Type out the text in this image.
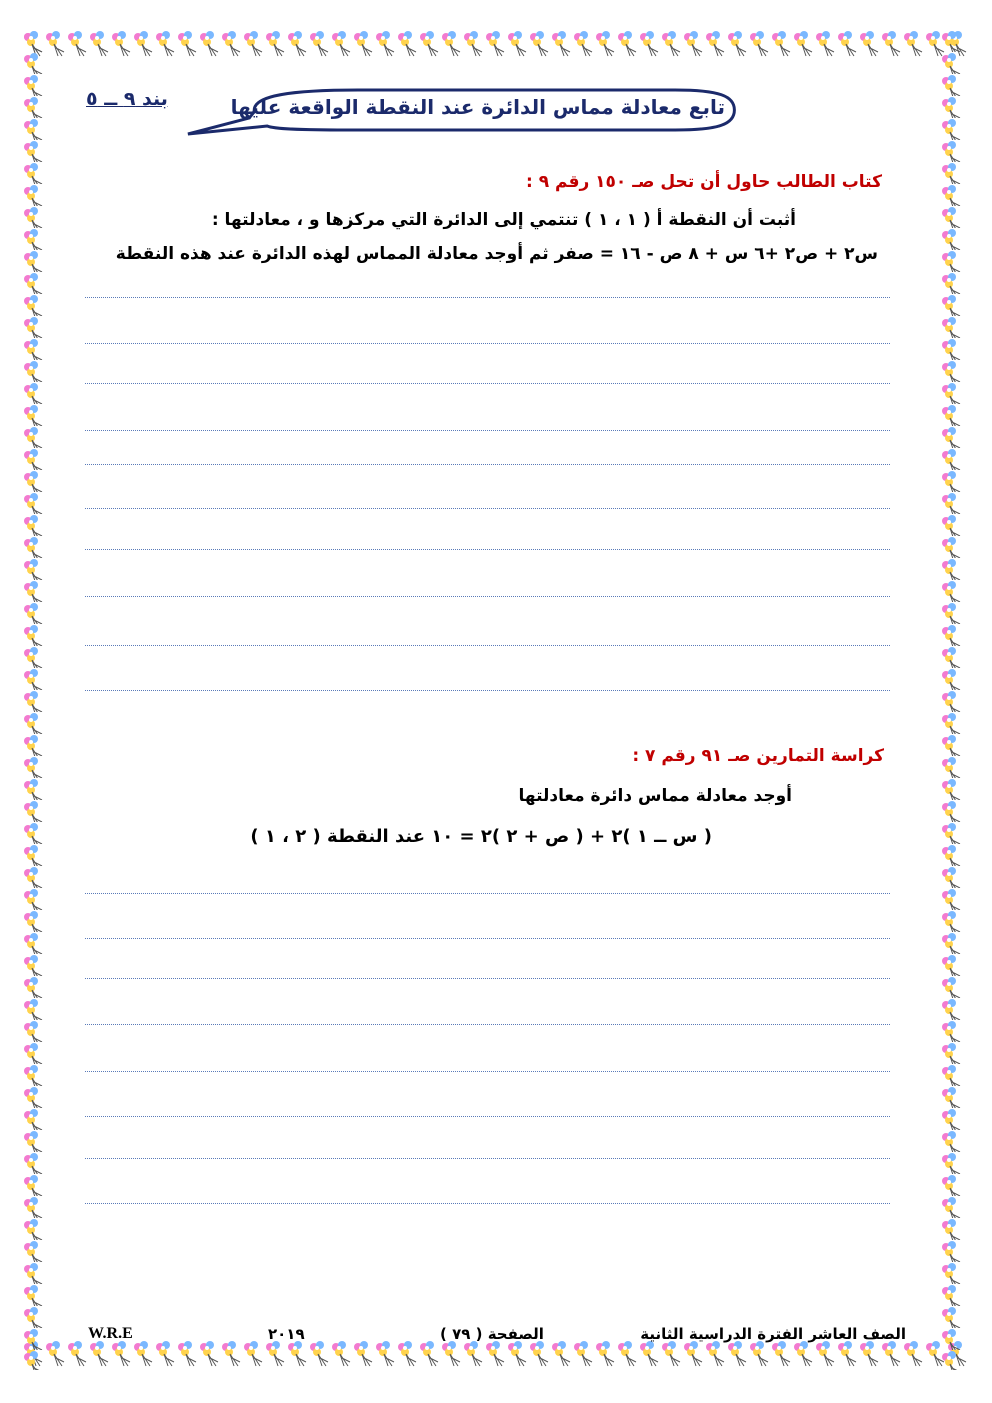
بند ٩ ــ ٥	تابع معادلة مماس الدائرة عند النقطة الواقعة عليها
كتاب الطالب حاول أن تحل صـ ١٥٠ رقم ٩ :
أثبت أن النقطة أ ( ١ ، ١ ) تنتمي إلى الدائرة التي مركزها و ، معادلتها :
س٢ + ص٢ +٦ س + ٨ ص - ١٦ = صفر ثم أوجد معادلة المماس لهذه الدائرة عند هذه النقطة
كراسة التمارين صـ ٩١ رقم ٧ :
أوجد معادلة مماس دائرة معادلتها
( س ــ ١ )٢ + ( ص + ٢ )٢ = ١٠ عند النقطة ( ٢ ، ١ )
الصف العاشر الفترة الدراسية الثانية
الصفحة ( ٧٩ )
٢٠١٩
W.R.E
